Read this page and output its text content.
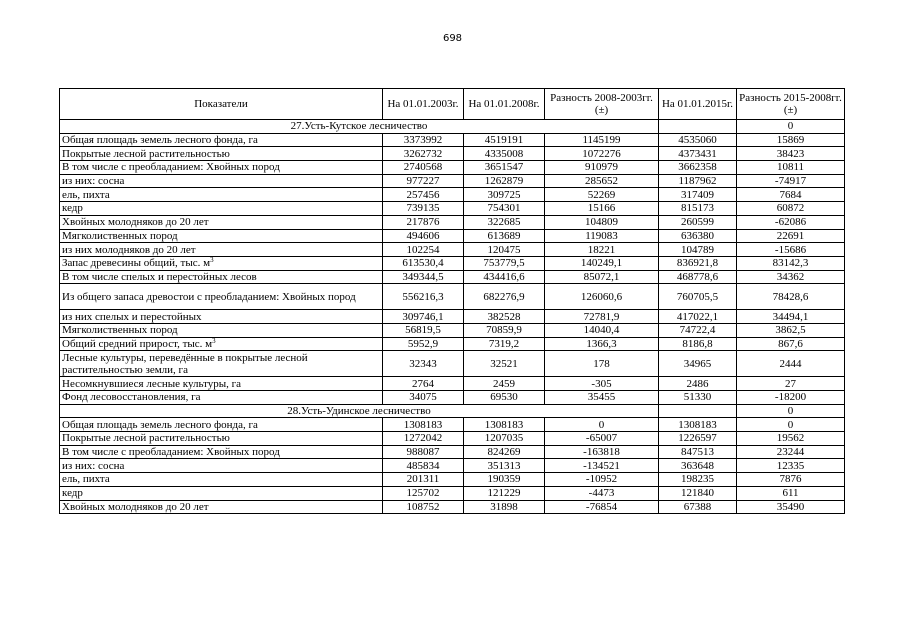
698
Показатели	На 01.01.2003г.	На 01.01.2008г.	Разность 2008-2003гг. (±)	На 01.01.2015г.	Разность 2015-2008гг. (±)
27.Усть-Кутское лесничество					0
Общая площадь земель лесного фонда, га	3373992	4519191	1145199	4535060	15869
Покрытые лесной растительностью	3262732	4335008	1072276	4373431	38423
В том числе с преобладанием: Хвойных пород	2740568	3651547	910979	3662358	10811
из них: сосна	977227	1262879	285652	1187962	-74917
ель, пихта	257456	309725	52269	317409	7684
кедр	739135	754301	15166	815173	60872
Хвойных молодняков до 20 лет	217876	322685	104809	260599	-62086
Мягколиственных пород	494606	613689	119083	636380	22691
из них молодняков до 20 лет	102254	120475	18221	104789	-15686
Запас древесины общий, тыс. $м^3$	613530,4	753779,5	140249,1	836921,8	83142,3
В том числе спелых и перестойных лесов	349344,5	434416,6	85072,1	468778,6	34362
Из общего запаса древостои с преобладанием: Хвойных пород	556216,3	682276,9	126060,6	760705,5	78428,6
из них спелых и перестойных	309746,1	382528	72781,9	417022,1	34494,1
Мягколиственных пород	56819,5	70859,9	14040,4	74722,4	3862,5
Общий средний прирост, тыс. $м^3$	5952,9	7319,2	1366,3	8186,8	867,6
Лесные культуры, переведённые в покрытые лесной растительностью земли, га	32343	32521	178	34965	2444
Несомкнувшиеся лесные культуры, га	2764	2459	-305	2486	27
Фонд лесовосстановления, га	34075	69530	35455	51330	-18200
28.Усть-Удинское лесничество					0
Общая площадь земель лесного фонда, га	1308183	1308183	0	1308183	0
Покрытые лесной растительностью	1272042	1207035	-65007	1226597	19562
В том числе с преобладанием: Хвойных пород	988087	824269	-163818	847513	23244
из них: сосна	485834	351313	-134521	363648	12335
ель, пихта	201311	190359	-10952	198235	7876
кедр	125702	121229	-4473	121840	611
Хвойных молодняков до 20 лет	108752	31898	-76854	67388	35490
